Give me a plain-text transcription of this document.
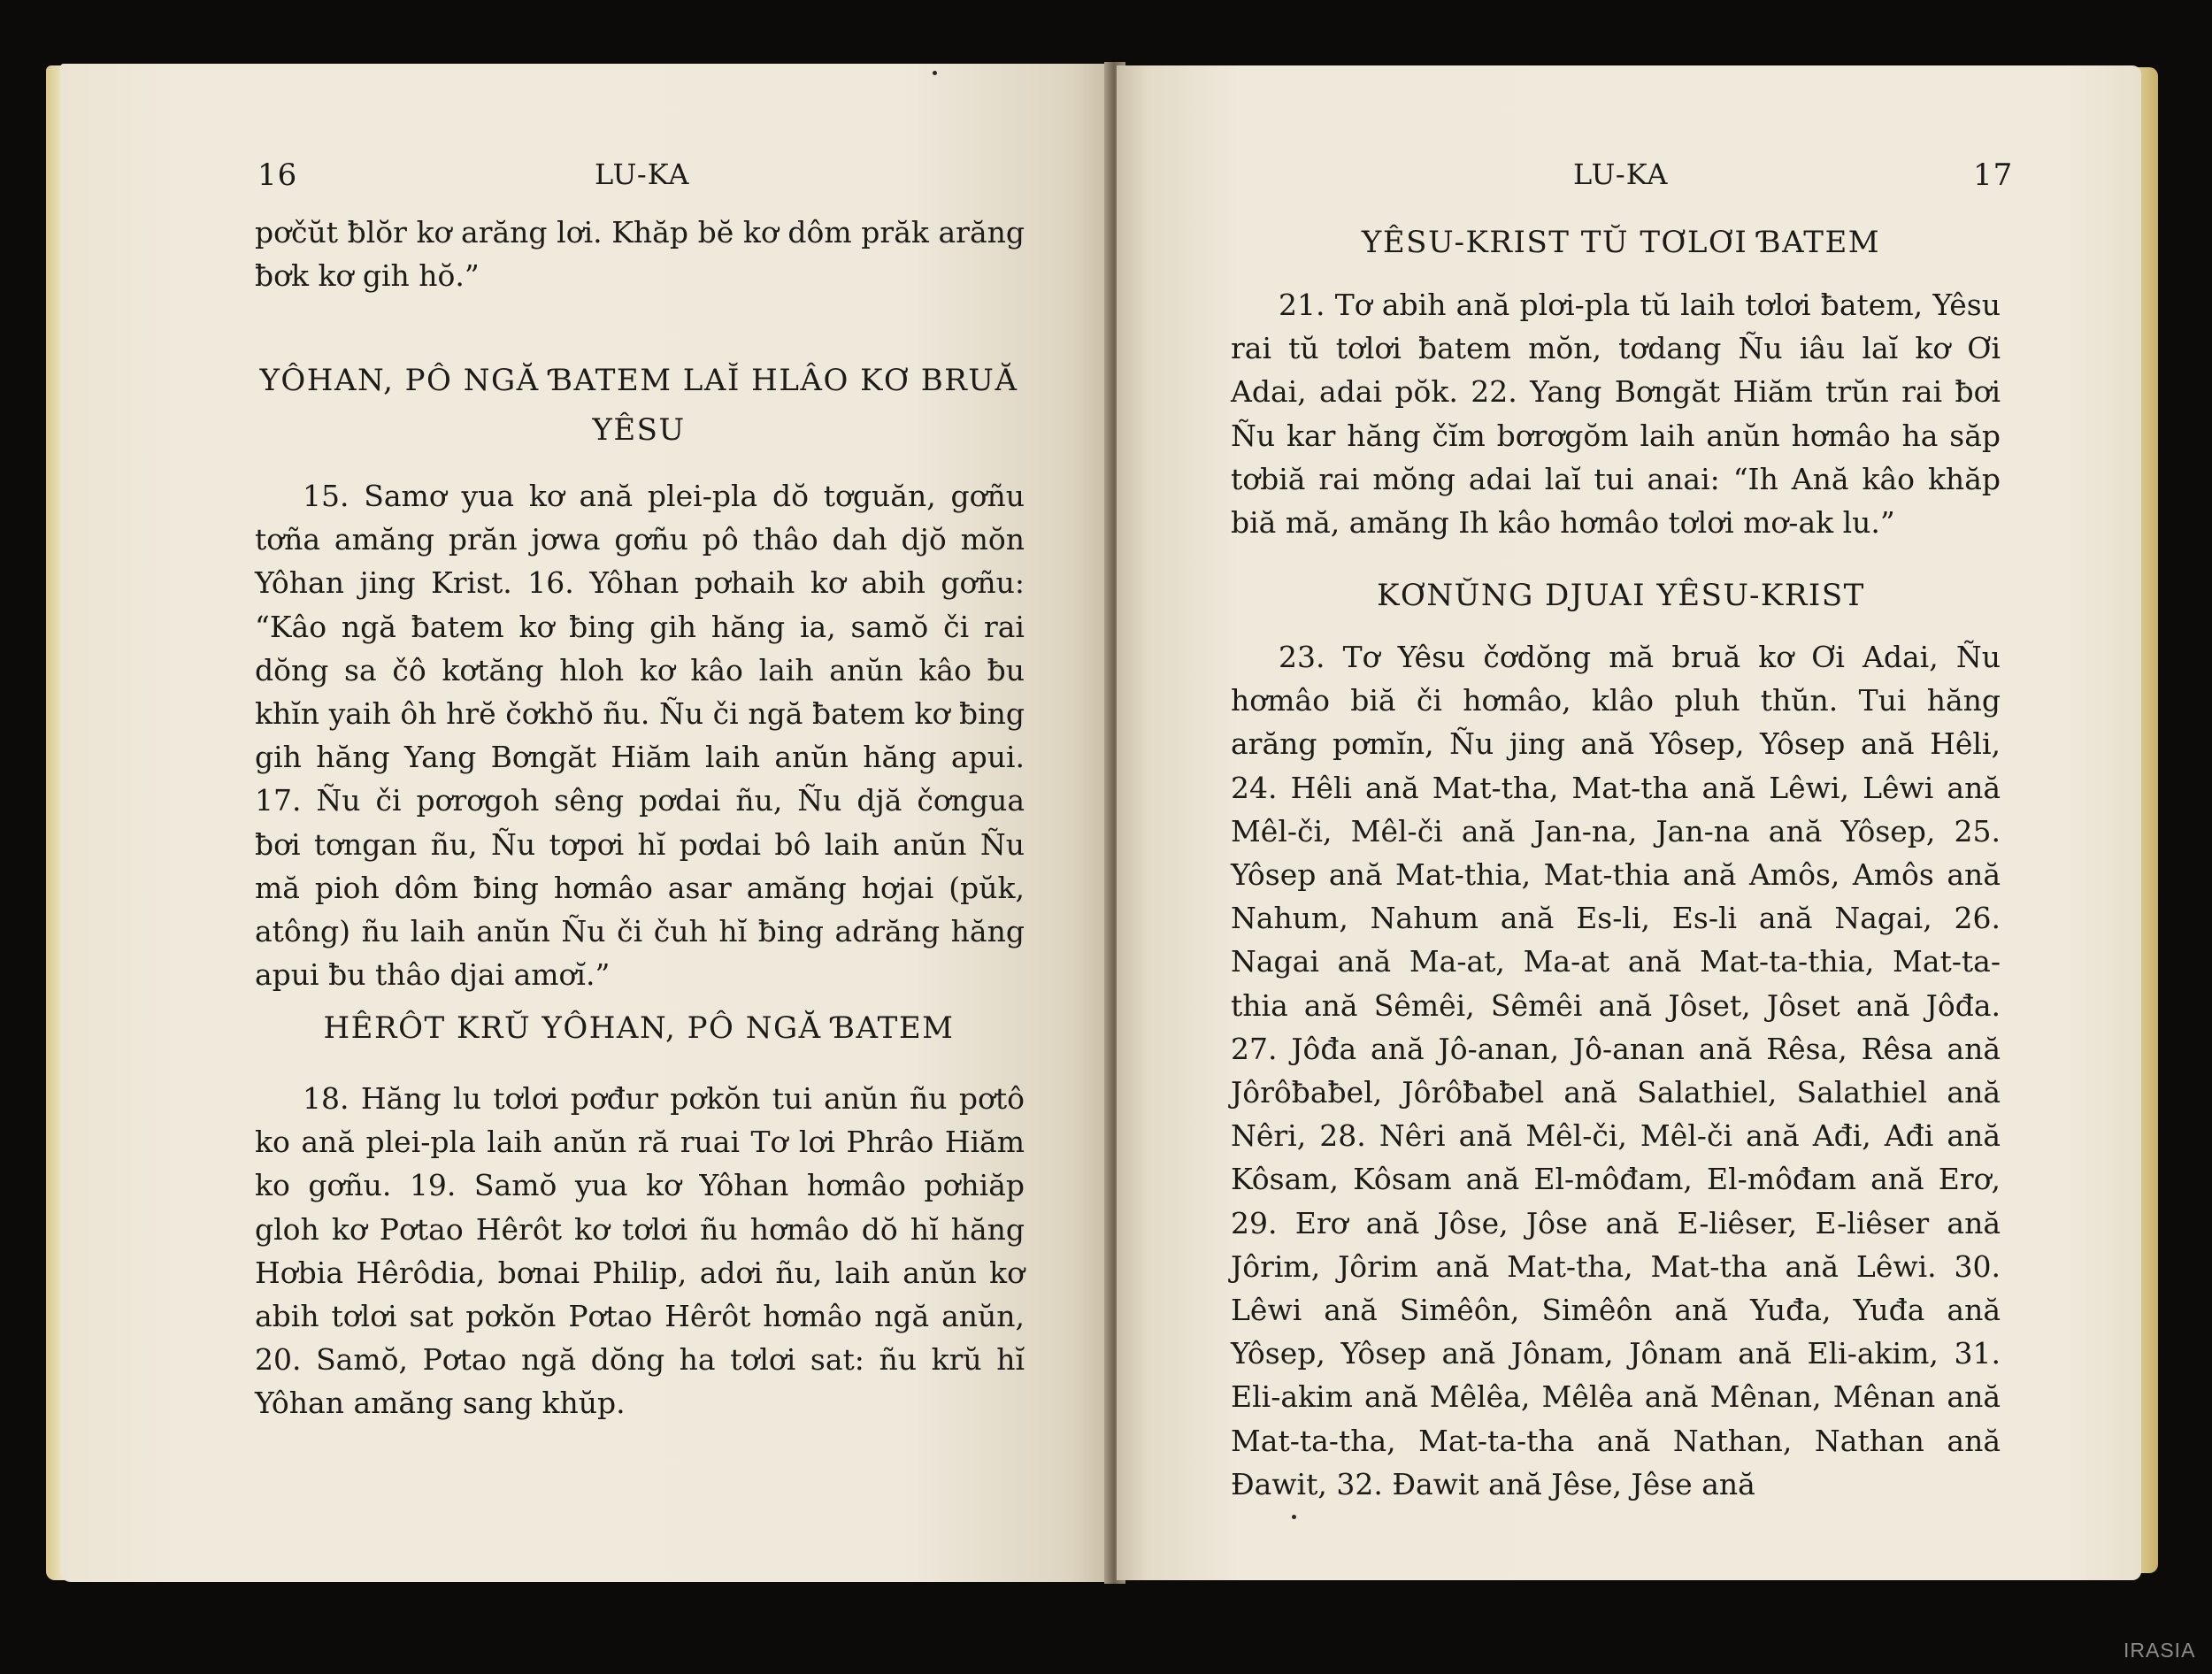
16	LU-KA

pơčŭt ƀlŏr kơ arăng lơi. Khăp bĕ kơ dôm prăk arăng ƀơk kơ gih hŏ.”

YÔHAN, PÔ NGĂ ƁATEM LAĬ HLÂO KƠ BRUĂ YÊSU

15. Samơ yua kơ ană plei-pla dŏ tơguăn, gơñu tơña amăng prăn jơwa gơñu pô thâo dah djŏ mŏn Yôhan jing Krist. 16. Yôhan pơhaih kơ abih gơñu: “Kâo ngă ƀatem kơ ƀing gih hăng ia, samŏ či rai dŏng sa čô kơtăng hloh kơ kâo laih anŭn kâo ƀu khĭn yaih ôh hrĕ čơkhŏ ñu. Ñu či ngă ƀatem kơ ƀing gih hăng Yang Bơngăt Hiăm laih anŭn hăng apui. 17. Ñu či pơrơgoh sêng pơdai ñu, Ñu djă čơngua ƀơi tơngan ñu, Ñu tơpơi hĭ pơdai bô laih anŭn Ñu mă pioh dôm ƀing hơmâo asar amăng hơjai (pŭk, atông) ñu laih anŭn Ñu či čuh hĭ ƀing adrăng hăng apui ƀu thâo djai amơĭ.”

HÊRÔT KRŬ YÔHAN, PÔ NGĂ ƁATEM

18. Hăng lu tơlơi pơđur pơkŏn tui anŭn ñu pơtô ko ană plei-pla laih anŭn ră ruai Tơ lơi Phrâo Hiăm ko gơñu. 19. Samŏ yua kơ Yôhan hơmâo pơhiăp gloh kơ Pơtao Hêrôt kơ tơlơi ñu hơmâo dŏ hĭ hăng Hơbia Hêrôdia, bơnai Philip, adơi ñu, laih anŭn kơ abih tơlơi sat pơkŏn Pơtao Hêrôt hơmâo ngă anŭn, 20. Samŏ, Pơtao ngă dŏng ha tơlơi sat: ñu krŭ hĭ Yôhan amăng sang khŭp.

LU-KA	17
YÊSU-KRIST TŬ TƠLƠI ƁATEM

21. Tơ abih ană plơi-pla tŭ laih tơlơi ƀatem, Yêsu rai tŭ tơlơi ƀatem mŏn, tơdang Ñu iâu laĭ kơ Ơi Adai, adai pŏk. 22. Yang Bơngăt Hiăm trŭn rai ƀơi Ñu kar hăng čĭm bơrơgŏm laih anŭn hơmâo ha săp tơbiă rai mŏng adai laĭ tui anai: “Ih Ană kâo khăp biă mă, amăng Ih kâo hơmâo tơlơi mơ-ak lu.”

KƠNŬNG DJUAI YÊSU-KRIST

23. Tơ Yêsu čơdŏng mă bruă kơ Ơi Adai, Ñu hơmâo biă či hơmâo, klâo pluh thŭn. Tui hăng arăng pơmĭn, Ñu jing ană Yôsep, Yôsep ană Hêli, 24. Hêli ană Mat-tha, Mat-tha ană Lêwi, Lêwi ană Mêl-či, Mêl-či ană Jan-na, Jan-na ană Yôsep, 25. Yôsep ană Mat-thia, Mat-thia ană Amôs, Amôs ană Nahum, Nahum ană Es-li, Es-li ană Nagai, 26. Nagai ană Ma-at, Ma-at ană Mat-ta-thia, Mat-ta-thia ană Sêmêi, Sêmêi ană Jôset, Jôset ană Jôđa. 27. Jôđa ană Jô-anan, Jô-anan ană Rêsa, Rêsa ană Jôrôƀaƀel, Jôrôƀaƀel ană Salathiel, Salathiel ană Nêri, 28. Nêri ană Mêl-či, Mêl-či ană Ađi, Ađi ană Kôsam, Kôsam ană El-môđam, El-môđam ană Erơ, 29. Erơ ană Jôse, Jôse ană E-liêser, E-liêser ană Jôrim, Jôrim ană Mat-tha, Mat-tha ană Lêwi. 30. Lêwi ană Simêôn, Simêôn ană Yuđa, Yuđa ană Yôsep, Yôsep ană Jônam, Jônam ană Eli-akim, 31. Eli-akim ană Mêlêa, Mêlêa ană Mênan, Mênan ană Mat-ta-tha, Mat-ta-tha ană Nathan, Nathan ană Đawit, 32. Đawit ană Jêse, Jêse ană

IRASIA
